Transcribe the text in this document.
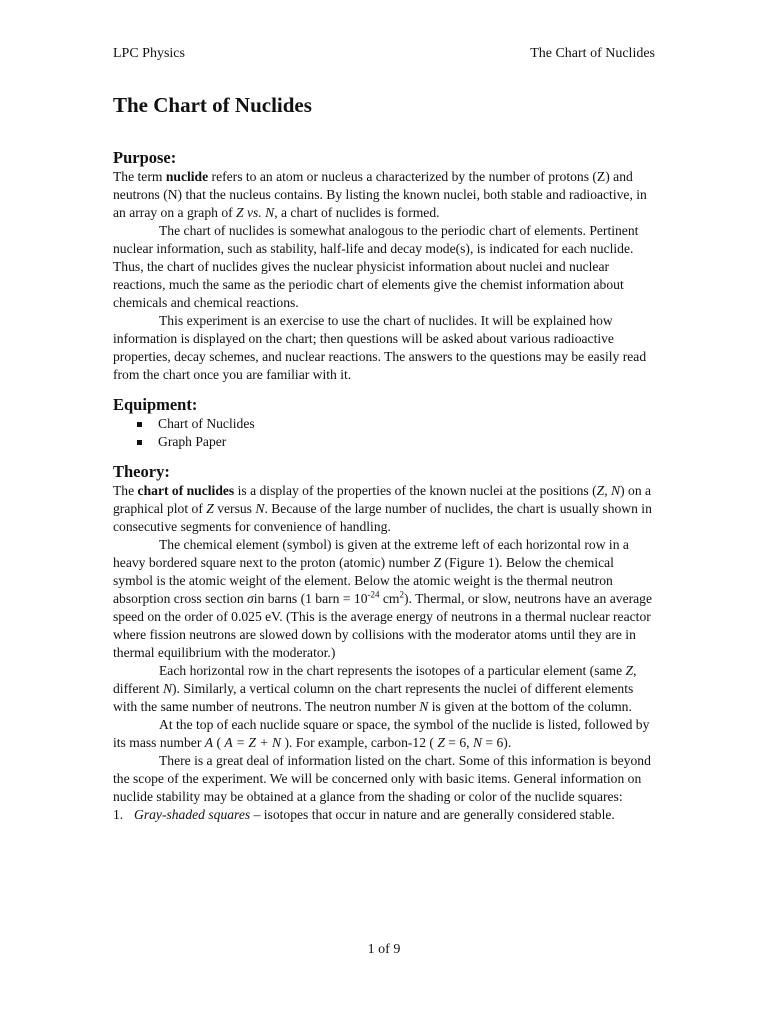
LPC Physics	The Chart of Nuclides
The Chart of Nuclides
Purpose:

The term nuclide refers to an atom or nucleus a characterized by the number of protons (Z) and neutrons (N) that the nucleus contains. By listing the known nuclei, both stable and radioactive, in an array on a graph of Z vs. N, a chart of nuclides is formed.

The chart of nuclides is somewhat analogous to the periodic chart of elements. Pertinent nuclear information, such as stability, half-life and decay mode(s), is indicated for each nuclide. Thus, the chart of nuclides gives the nuclear physicist information about nuclei and nuclear reactions, much the same as the periodic chart of elements give the chemist information about chemicals and chemical reactions.

This experiment is an exercise to use the chart of nuclides. It will be explained how information is displayed on the chart; then questions will be asked about various radioactive properties, decay schemes, and nuclear reactions. The answers to the questions may be easily read from the chart once you are familiar with it.

Equipment:
Chart of Nuclides
Graph Paper
Theory:

The chart of nuclides is a display of the properties of the known nuclei at the positions (Z, N) on a graphical plot of Z versus N. Because of the large number of nuclides, the chart is usually shown in consecutive segments for convenience of handling.

The chemical element (symbol) is given at the extreme left of each horizontal row in a heavy bordered square next to the proton (atomic) number Z (Figure 1). Below the chemical symbol is the atomic weight of the element. Below the atomic weight is the thermal neutron absorption cross section σin barns (1 barn = $10^{-24}$ $cm^2$). Thermal, or slow, neutrons have an average speed on the order of 0.025 eV. (This is the average energy of neutrons in a thermal nuclear reactor where fission neutrons are slowed down by collisions with the moderator atoms until they are in thermal equilibrium with the moderator.)

Each horizontal row in the chart represents the isotopes of a particular element (same Z, different N). Similarly, a vertical column on the chart represents the nuclei of different elements with the same number of neutrons. The neutron number N is given at the bottom of the column.

At the top of each nuclide square or space, the symbol of the nuclide is listed, followed by its mass number A ( A = Z + N ). For example, carbon-12 ( Z = 6, N = 6).

There is a great deal of information listed on the chart. Some of this information is beyond the scope of the experiment. We will be concerned only with basic items. General information on nuclide stability may be obtained at a glance from the shading or color of the nuclide squares:

1. Gray-shaded squares – isotopes that occur in nature and are generally considered stable.
1 of 9
